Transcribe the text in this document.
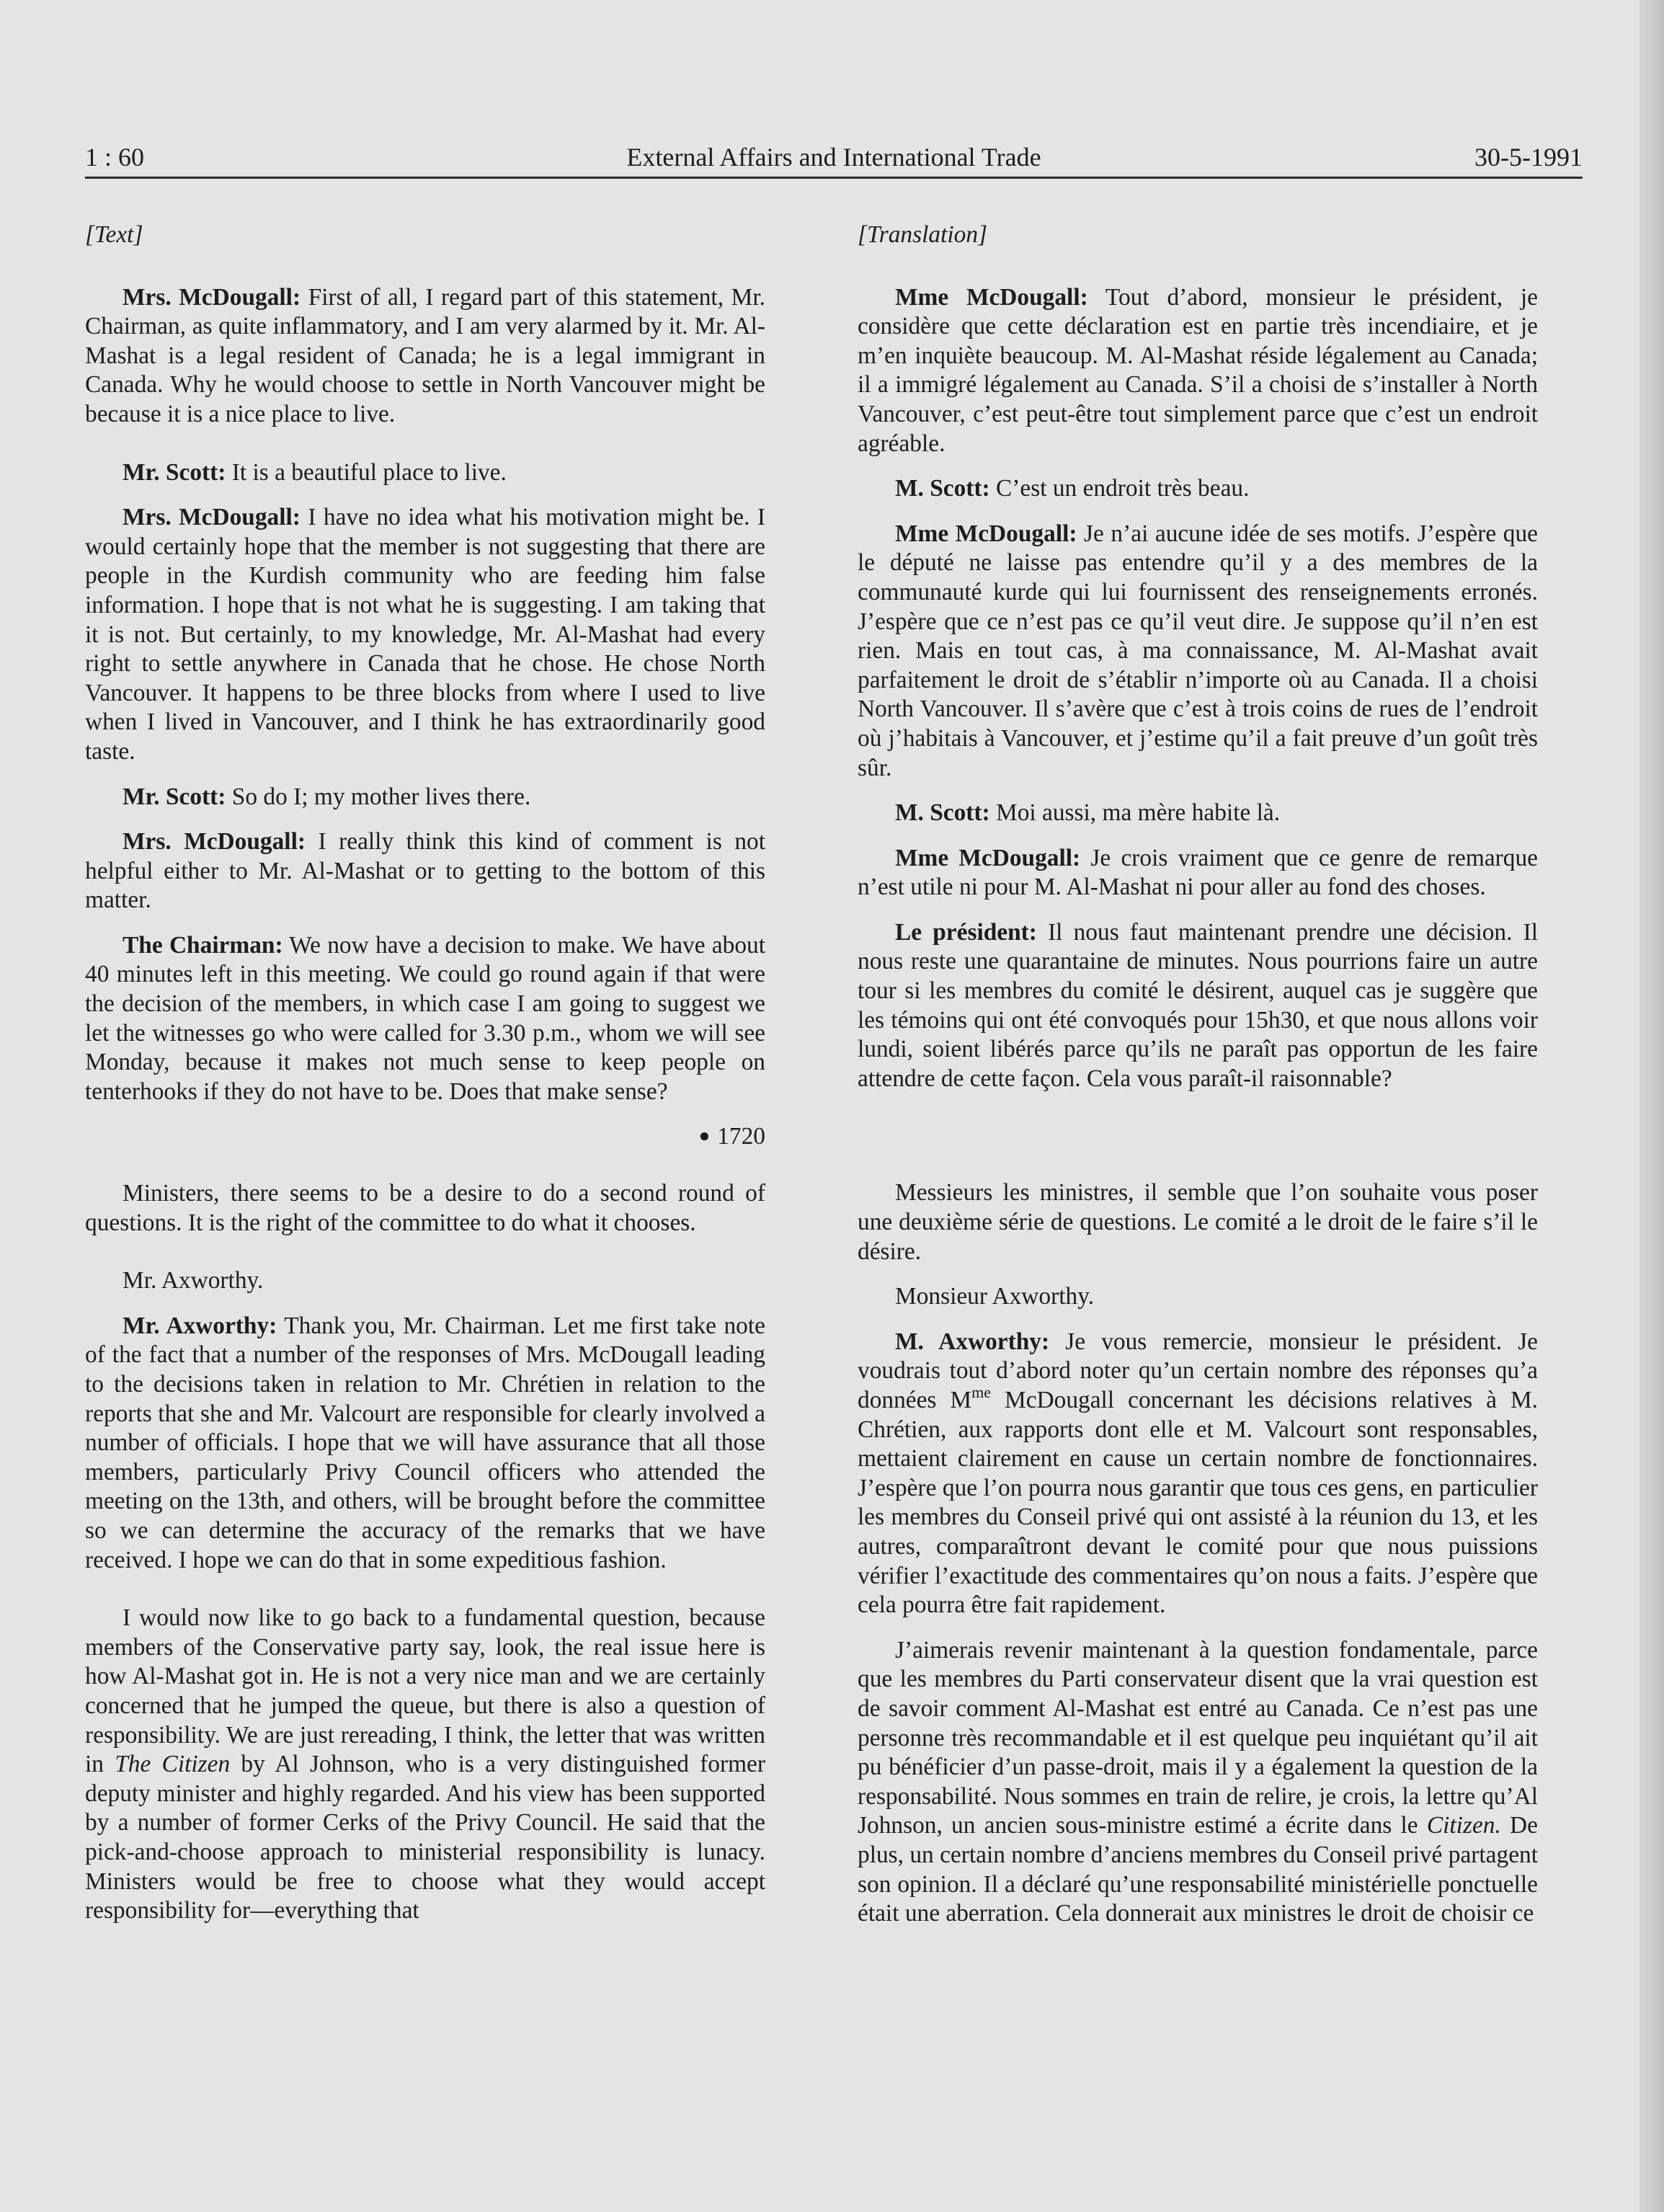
1 : 60	External Affairs and International Trade	30-5-1991
[Text]

Mrs. McDougall: First of all, I regard part of this statement, Mr. Chairman, as quite inflammatory, and I am very alarmed by it. Mr. Al-Mashat is a legal resident of Canada; he is a legal immigrant in Canada. Why he would choose to settle in North Vancouver might be because it is a nice place to live.

Mr. Scott: It is a beautiful place to live.

Mrs. McDougall: I have no idea what his motivation might be. I would certainly hope that the member is not suggesting that there are people in the Kurdish community who are feeding him false information. I hope that is not what he is suggesting. I am taking that it is not. But certainly, to my knowledge, Mr. Al-Mashat had every right to settle anywhere in Canada that he chose. He chose North Vancouver. It happens to be three blocks from where I used to live when I lived in Vancouver, and I think he has extraordinarily good taste.

Mr. Scott: So do I; my mother lives there.

Mrs. McDougall: I really think this kind of comment is not helpful either to Mr. Al-Mashat or to getting to the bottom of this matter.

The Chairman: We now have a decision to make. We have about 40 minutes left in this meeting. We could go round again if that were the decision of the members, in which case I am going to suggest we let the witnesses go who were called for 3.30 p.m., whom we will see Monday, because it makes not much sense to keep people on tenterhooks if they do not have to be. Does that make sense?

● 1720

Ministers, there seems to be a desire to do a second round of questions. It is the right of the committee to do what it chooses.

Mr. Axworthy.

Mr. Axworthy: Thank you, Mr. Chairman. Let me first take note of the fact that a number of the responses of Mrs. McDougall leading to the decisions taken in relation to Mr. Chrétien in relation to the reports that she and Mr. Valcourt are responsible for clearly involved a number of officials. I hope that we will have assurance that all those members, particularly Privy Council officers who attended the meeting on the 13th, and others, will be brought before the committee so we can determine the accuracy of the remarks that we have received. I hope we can do that in some expeditious fashion.

I would now like to go back to a fundamental question, because members of the Conservative party say, look, the real issue here is how Al-Mashat got in. He is not a very nice man and we are certainly concerned that he jumped the queue, but there is also a question of responsibility. We are just rereading, I think, the letter that was written in The Citizen by Al Johnson, who is a very distinguished former deputy minister and highly regarded. And his view has been supported by a number of former Cerks of the Privy Council. He said that the pick-and-choose approach to ministerial responsibility is lunacy. Ministers would be free to choose what they would accept responsibility for—everything that

[Translation]

Mme McDougall: Tout d’abord, monsieur le président, je considère que cette déclaration est en partie très incendiaire, et je m’en inquiète beaucoup. M. Al-Mashat réside légalement au Canada; il a immigré légalement au Canada. S’il a choisi de s’installer à North Vancouver, c’est peut-être tout simplement parce que c’est un endroit agréable.

M. Scott: C’est un endroit très beau.

Mme McDougall: Je n’ai aucune idée de ses motifs. J’espère que le député ne laisse pas entendre qu’il y a des membres de la communauté kurde qui lui fournissent des renseignements erronés. J’espère que ce n’est pas ce qu’il veut dire. Je suppose qu’il n’en est rien. Mais en tout cas, à ma connaissance, M. Al-Mashat avait parfaitement le droit de s’établir n’importe où au Canada. Il a choisi North Vancouver. Il s’avère que c’est à trois coins de rues de l’endroit où j’habitais à Vancouver, et j’estime qu’il a fait preuve d’un goût très sûr.

M. Scott: Moi aussi, ma mère habite là.

Mme McDougall: Je crois vraiment que ce genre de remarque n’est utile ni pour M. Al-Mashat ni pour aller au fond des choses.

Le président: Il nous faut maintenant prendre une décision. Il nous reste une quarantaine de minutes. Nous pourrions faire un autre tour si les membres du comité le désirent, auquel cas je suggère que les témoins qui ont été convoqués pour 15h30, et que nous allons voir lundi, soient libérés parce qu’ils ne paraît pas opportun de les faire attendre de cette façon. Cela vous paraît-il raisonnable?

Messieurs les ministres, il semble que l’on souhaite vous poser une deuxième série de questions. Le comité a le droit de le faire s’il le désire.

Monsieur Axworthy.

M. Axworthy: Je vous remercie, monsieur le président. Je voudrais tout d’abord noter qu’un certain nombre des réponses qu’a données $M^{me}$ McDougall concernant les décisions relatives à M. Chrétien, aux rapports dont elle et M. Valcourt sont responsables, mettaient clairement en cause un certain nombre de fonctionnaires. J’espère que l’on pourra nous garantir que tous ces gens, en particulier les membres du Conseil privé qui ont assisté à la réunion du 13, et les autres, comparaîtront devant le comité pour que nous puissions vérifier l’exactitude des commentaires qu’on nous a faits. J’espère que cela pourra être fait rapidement.

J’aimerais revenir maintenant à la question fondamentale, parce que les membres du Parti conservateur disent que la vrai question est de savoir comment Al-Mashat est entré au Canada. Ce n’est pas une personne très recommandable et il est quelque peu inquiétant qu’il ait pu bénéficier d’un passe-droit, mais il y a également la question de la responsabilité. Nous sommes en train de relire, je crois, la lettre qu’Al Johnson, un ancien sous-ministre estimé a écrite dans le Citizen. De plus, un certain nombre d’anciens membres du Conseil privé partagent son opinion. Il a déclaré qu’une responsabilité ministérielle ponctuelle était une aberration. Cela donnerait aux ministres le droit de choisir ce
